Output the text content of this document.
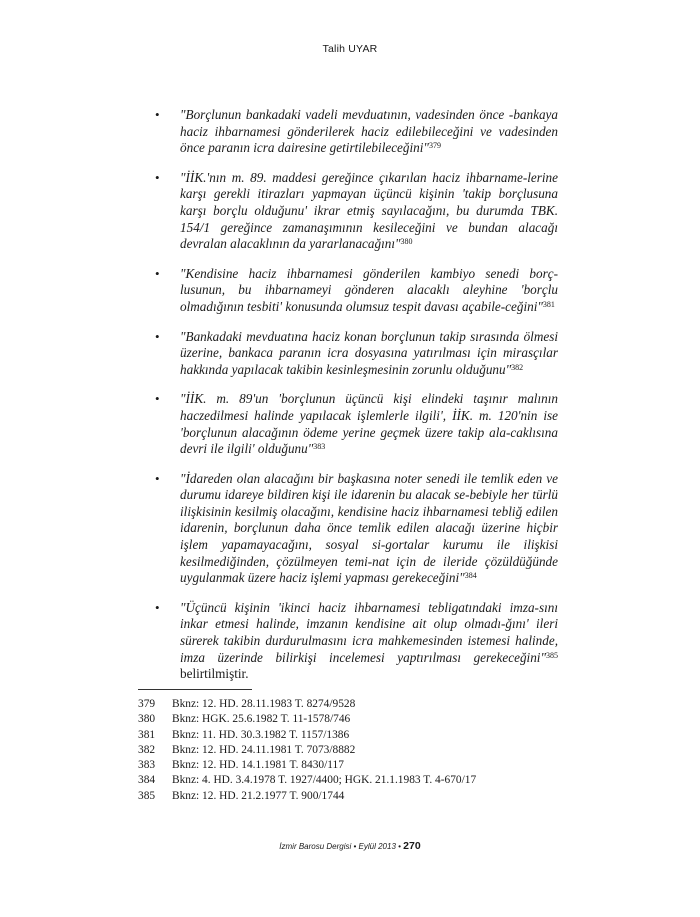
Talih UYAR
• "Borçlunun bankadaki vadeli mevduatının, vadesinden önce -bankaya haciz ihbarnamesi gönderilerek haciz edilebileceğini ve vadesinden önce paranın icra dairesine getirtilebileceğini"$^{379}$
• "İİK.'nın m. 89. maddesi gereğince çıkarılan haciz ihbarname-lerine karşı gerekli itirazları yapmayan üçüncü kişinin 'takip borçlusuna karşı borçlu olduğunu' ikrar etmiş sayılacağını, bu durumda TBK. 154/1 gereğince zamanaşımının kesileceğini ve bundan alacağı devralan alacaklının da yararlanacağını"$^{380}$
• "Kendisine haciz ihbarnamesi gönderilen kambiyo senedi borç-lusunun, bu ihbarnameyi gönderen alacaklı aleyhine 'borçlu olmadığının tesbiti' konusunda olumsuz tespit davası açabile-ceğini"$^{381}$
• "Bankadaki mevduatına haciz konan borçlunun takip sırasında ölmesi üzerine, bankaca paranın icra dosyasına yatırılması için mirasçılar hakkında yapılacak takibin kesinleşmesinin zorunlu olduğunu"$^{382}$
• "İİK. m. 89'un 'borçlunun üçüncü kişi elindeki taşınır malının haczedilmesi halinde yapılacak işlemlerle ilgili', İİK. m. 120'nin ise 'borçlunun alacağının ödeme yerine geçmek üzere takip ala-caklısına devri ile ilgili' olduğunu"$^{383}$
• "İdareden olan alacağını bir başkasına noter senedi ile temlik eden ve durumu idareye bildiren kişi ile idarenin bu alacak se-bebiyle her türlü ilişkisinin kesilmiş olacağını, kendisine haciz ihbarnamesi tebliğ edilen idarenin, borçlunun daha önce temlik edilen alacağı üzerine hiçbir işlem yapamayacağını, sosyal si-gortalar kurumu ile ilişkisi kesilmediğinden, çözülmeyen temi-nat için de ileride çözüldüğünde uygulanmak üzere haciz işlemi yapması gerekeceğini"$^{384}$
• "Üçüncü kişinin 'ikinci haciz ihbarnamesi tebligatındaki imza-sını inkar etmesi halinde, imzanın kendisine ait olup olmadı-ğını' ileri sürerek takibin durdurulmasını icra mahkemesinden istemesi halinde, imza üzerinde bilirkişi incelemesi yaptırılması gerekeceğini"$^{385}$ belirtilmiştir.
379	Bknz: 12. HD. 28.11.1983 T. 8274/9528
380	Bknz: HGK. 25.6.1982 T. 11-1578/746
381	Bknz: 11. HD. 30.3.1982 T. 1157/1386
382	Bknz: 12. HD. 24.11.1981 T. 7073/8882
383	Bknz: 12. HD. 14.1.1981 T. 8430/117
384	Bknz: 4. HD. 3.4.1978 T. 1927/4400; HGK. 21.1.1983 T. 4-670/17
385	Bknz: 12. HD. 21.2.1977 T. 900/1744
İzmir Barosu Dergisi • Eylül 2013 • 270
